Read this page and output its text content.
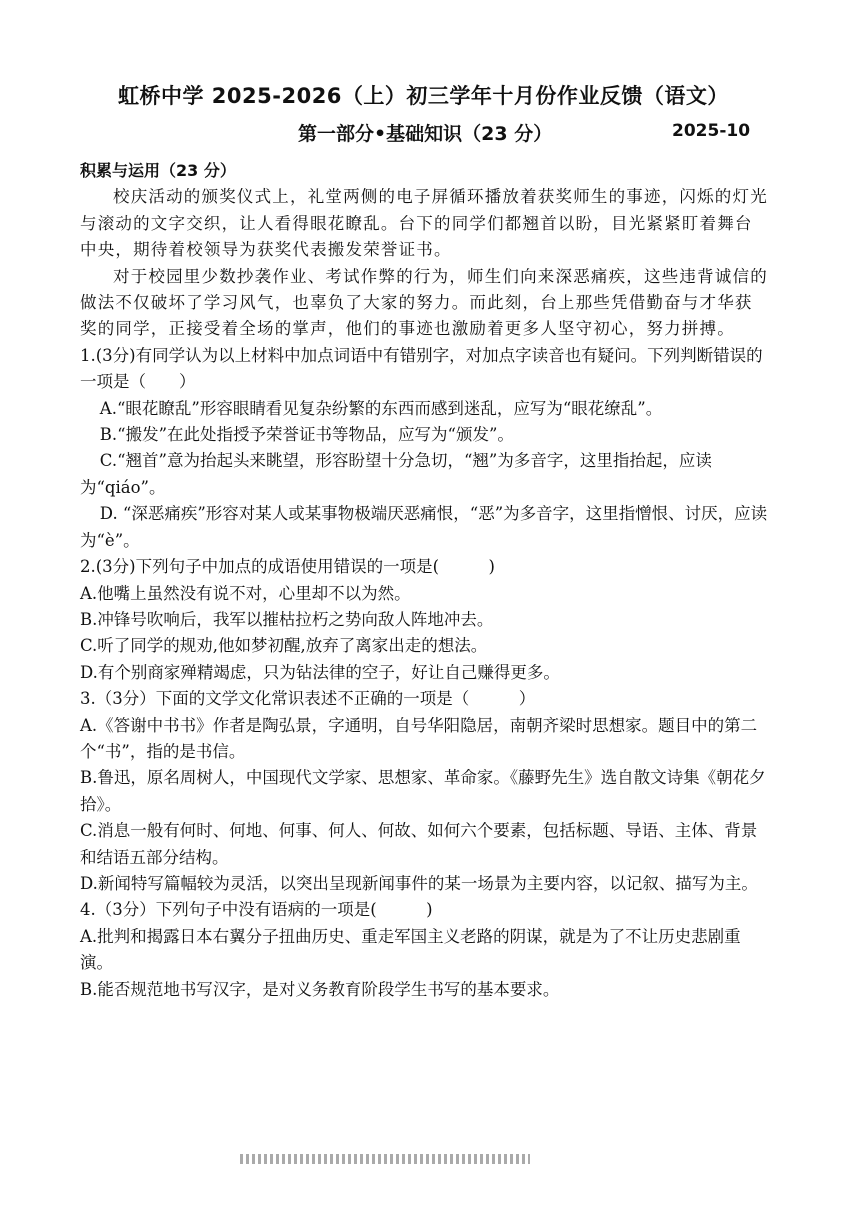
虹桥中学 2025-2026（上）初三学年十月份作业反馈（语文）
第一部分•基础知识（23 分）	2025-10

积累与运用（23 分）

校庆活动的颁奖仪式上，礼堂两侧的电子屏循环播放着获奖师生的事迹，闪烁的灯光与滚动的文字交织，让人看得眼花瞭乱。台下的同学们都翘首以盼，目光紧紧盯着舞台中央，期待着校领导为获奖代表搬发荣誉证书。

对于校园里少数抄袭作业、考试作弊的行为，师生们向来深恶痛疾，这些违背诚信的做法不仅破坏了学习风气，也辜负了大家的努力。而此刻，台上那些凭借勤奋与才华获奖的同学，正接受着全场的掌声，他们的事迹也激励着更多人坚守初心，努力拼搏。

1.(3分)有同学认为以上材料中加点词语中有错别字，对加点字读音也有疑问。下列判断错误的一项是（　　）

A.“眼花瞭乱”形容眼睛看见复杂纷繁的东西而感到迷乱，应写为“眼花缭乱”。

B.“搬发”在此处指授予荣誉证书等物品，应写为“颁发”。

C.“翘首”意为抬起头来眺望，形容盼望十分急切，“翘”为多音字，这里指抬起，应读为“qiáo”。

D. “深恶痛疾”形容对某人或某事物极端厌恶痛恨，“恶”为多音字，这里指憎恨、讨厌，应读为“è”。

2.(3分)下列句子中加点的成语使用错误的一项是(　　　)

A.他嘴上虽然没有说不对，心里却不以为然。

B.冲锋号吹响后，我军以摧枯拉朽之势向敌人阵地冲去。

C.听了同学的规劝,他如梦初醒,放弃了离家出走的想法。

D.有个别商家殚精竭虑，只为钻法律的空子，好让自己赚得更多。

3.（3分）下面的文学文化常识表述不正确的一项是（　　　）

A.《答谢中书书》作者是陶弘景，字通明，自号华阳隐居，南朝齐梁时思想家。题目中的第二个“书”，指的是书信。

B.鲁迅，原名周树人，中国现代文学家、思想家、革命家。《藤野先生》选自散文诗集《朝花夕拾》。

C.消息一般有何时、何地、何事、何人、何故、如何六个要素，包括标题、导语、主体、背景和结语五部分结构。

D.新闻特写篇幅较为灵活，以突出呈现新闻事件的某一场景为主要内容，以记叙、描写为主。

4.（3分）下列句子中没有语病的一项是(　　　)

A.批判和揭露日本右翼分子扭曲历史、重走军国主义老路的阴谋，就是为了不让历史悲剧重演。

B.能否规范地书写汉字，是对义务教育阶段学生书写的基本要求。
